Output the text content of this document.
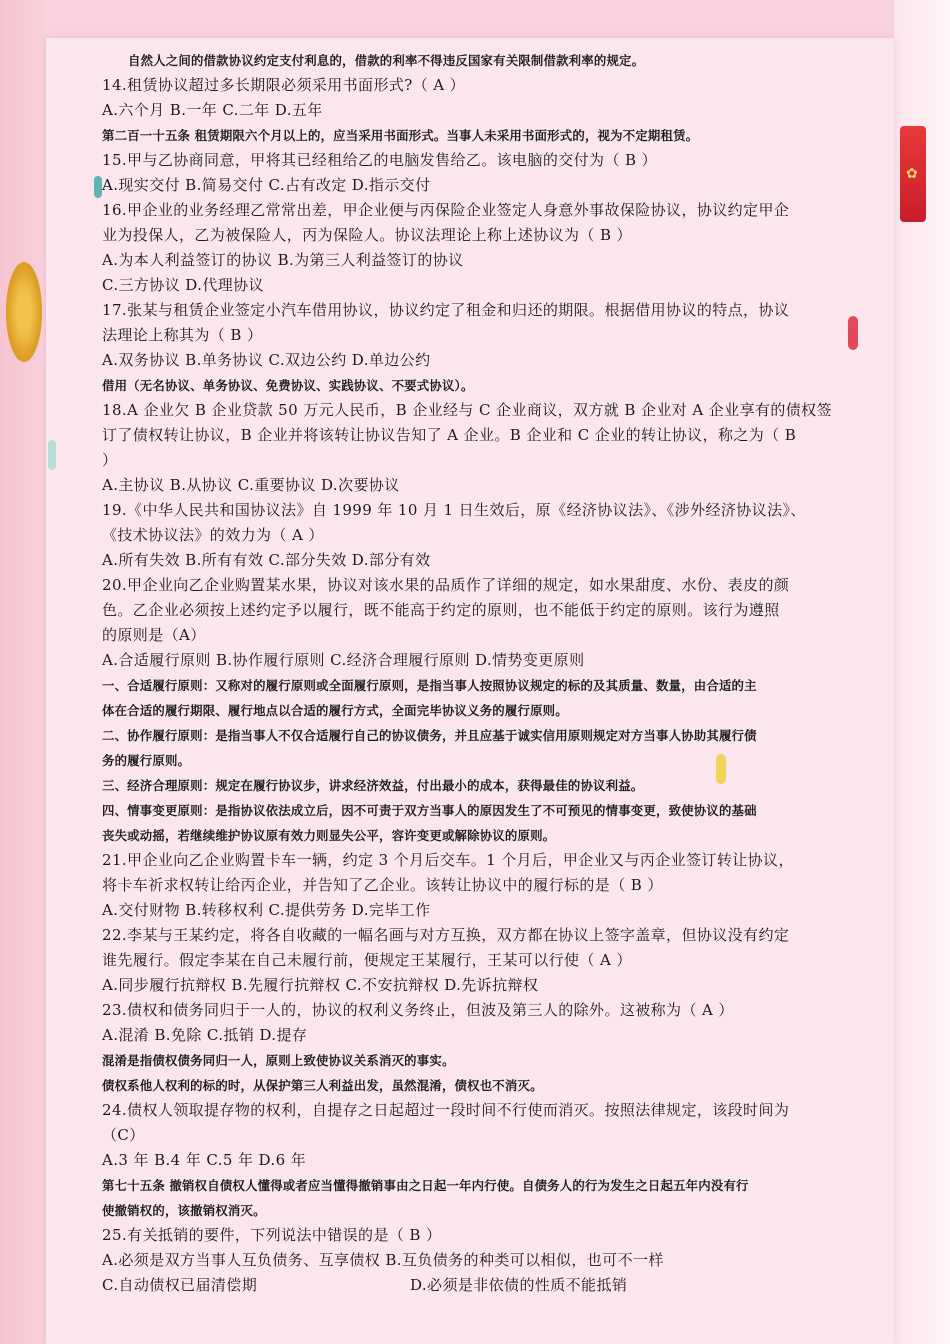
✿
自然人之间的借款协议约定支付利息的，借款的利率不得违反国家有关限制借款利率的规定。
14.租赁协议超过多长期限必须采用书面形式?（ A ）
A.六个月 B.一年 C.二年 D.五年
第二百一十五条 租赁期限六个月以上的，应当采用书面形式。当事人未采用书面形式的，视为不定期租赁。
15.甲与乙协商同意，甲将其已经租给乙的电脑发售给乙。该电脑的交付为（ B ）
A.现实交付 B.简易交付 C.占有改定 D.指示交付
16.甲企业的业务经理乙常常出差，甲企业便与丙保险企业签定人身意外事故保险协议，协议约定甲企
业为投保人，乙为被保险人，丙为保险人。协议法理论上称上述协议为（ B ）
A.为本人利益签订的协议 B.为第三人利益签订的协议
C.三方协议 D.代理协议
17.张某与租赁企业签定小汽车借用协议，协议约定了租金和归还的期限。根据借用协议的特点，协议
法理论上称其为（ B ）
A.双务协议 B.单务协议 C.双边公约 D.单边公约
借用（无名协议、单务协议、免费协议、实践协议、不要式协议）。
18.A 企业欠 B 企业贷款 50 万元人民币，B 企业经与 C 企业商议，双方就 B 企业对 A 企业享有的债权签
订了债权转让协议，B 企业并将该转让协议告知了 A 企业。B 企业和 C 企业的转让协议，称之为（ B
）
A.主协议 B.从协议 C.重要协议 D.次要协议
19.《中华人民共和国协议法》自 1999 年 10 月 1 日生效后，原《经济协议法》、《涉外经济协议法》、
《技术协议法》的效力为（ A ）
A.所有失效 B.所有有效 C.部分失效 D.部分有效
20.甲企业向乙企业购置某水果，协议对该水果的品质作了详细的规定，如水果甜度、水份、表皮的颜
色。乙企业必须按上述约定予以履行，既不能高于约定的原则，也不能低于约定的原则。该行为遵照
的原则是（A）
A.合适履行原则 B.协作履行原则 C.经济合理履行原则 D.情势变更原则
一、合适履行原则：又称对的履行原则或全面履行原则，是指当事人按照协议规定的标的及其质量、数量，由合适的主
体在合适的履行期限、履行地点以合适的履行方式，全面完毕协议义务的履行原则。
二、协作履行原则：是指当事人不仅合适履行自己的协议债务，并且应基于诚实信用原则规定对方当事人协助其履行债
务的履行原则。
三、经济合理原则：规定在履行协议步，讲求经济效益，付出最小的成本，获得最佳的协议利益。
四、情事变更原则：是指协议依法成立后，因不可责于双方当事人的原因发生了不可预见的情事变更，致使协议的基础
丧失或动摇，若继续维护协议原有效力则显失公平，容许变更或解除协议的原则。
21.甲企业向乙企业购置卡车一辆，约定 3 个月后交车。1 个月后，甲企业又与丙企业签订转让协议，
将卡车祈求权转让给丙企业，并告知了乙企业。该转让协议中的履行标的是（ B ）
A.交付财物 B.转移权利 C.提供劳务 D.完毕工作
22.李某与王某约定，将各自收藏的一幅名画与对方互换，双方都在协议上签字盖章，但协议没有约定
谁先履行。假定李某在自己未履行前，便规定王某履行，王某可以行使（ A ）
A.同步履行抗辩权 B.先履行抗辩权 C.不安抗辩权 D.先诉抗辩权
23.债权和债务同归于一人的，协议的权利义务终止，但波及第三人的除外。这被称为（ A ）
A.混淆 B.免除 C.抵销 D.提存
混淆是指债权债务同归一人，原则上致使协议关系消灭的事实。
债权系他人权利的标的时，从保护第三人利益出发，虽然混淆，债权也不消灭。
24.债权人领取提存物的权利，自提存之日起超过一段时间不行使而消灭。按照法律规定，该段时间为
（C）
A.3 年 B.4 年 C.5 年 D.6 年
第七十五条 撤销权自债权人懂得或者应当懂得撤销事由之日起一年内行使。自债务人的行为发生之日起五年内没有行
使撤销权的，该撤销权消灭。
25.有关抵销的要件，下列说法中错误的是（ B ）
A.必须是双方当事人互负债务、互享债权 B.互负债务的种类可以相似，也可不一样
C.自动债权已届清偿期	D.必须是非依债的性质不能抵销
